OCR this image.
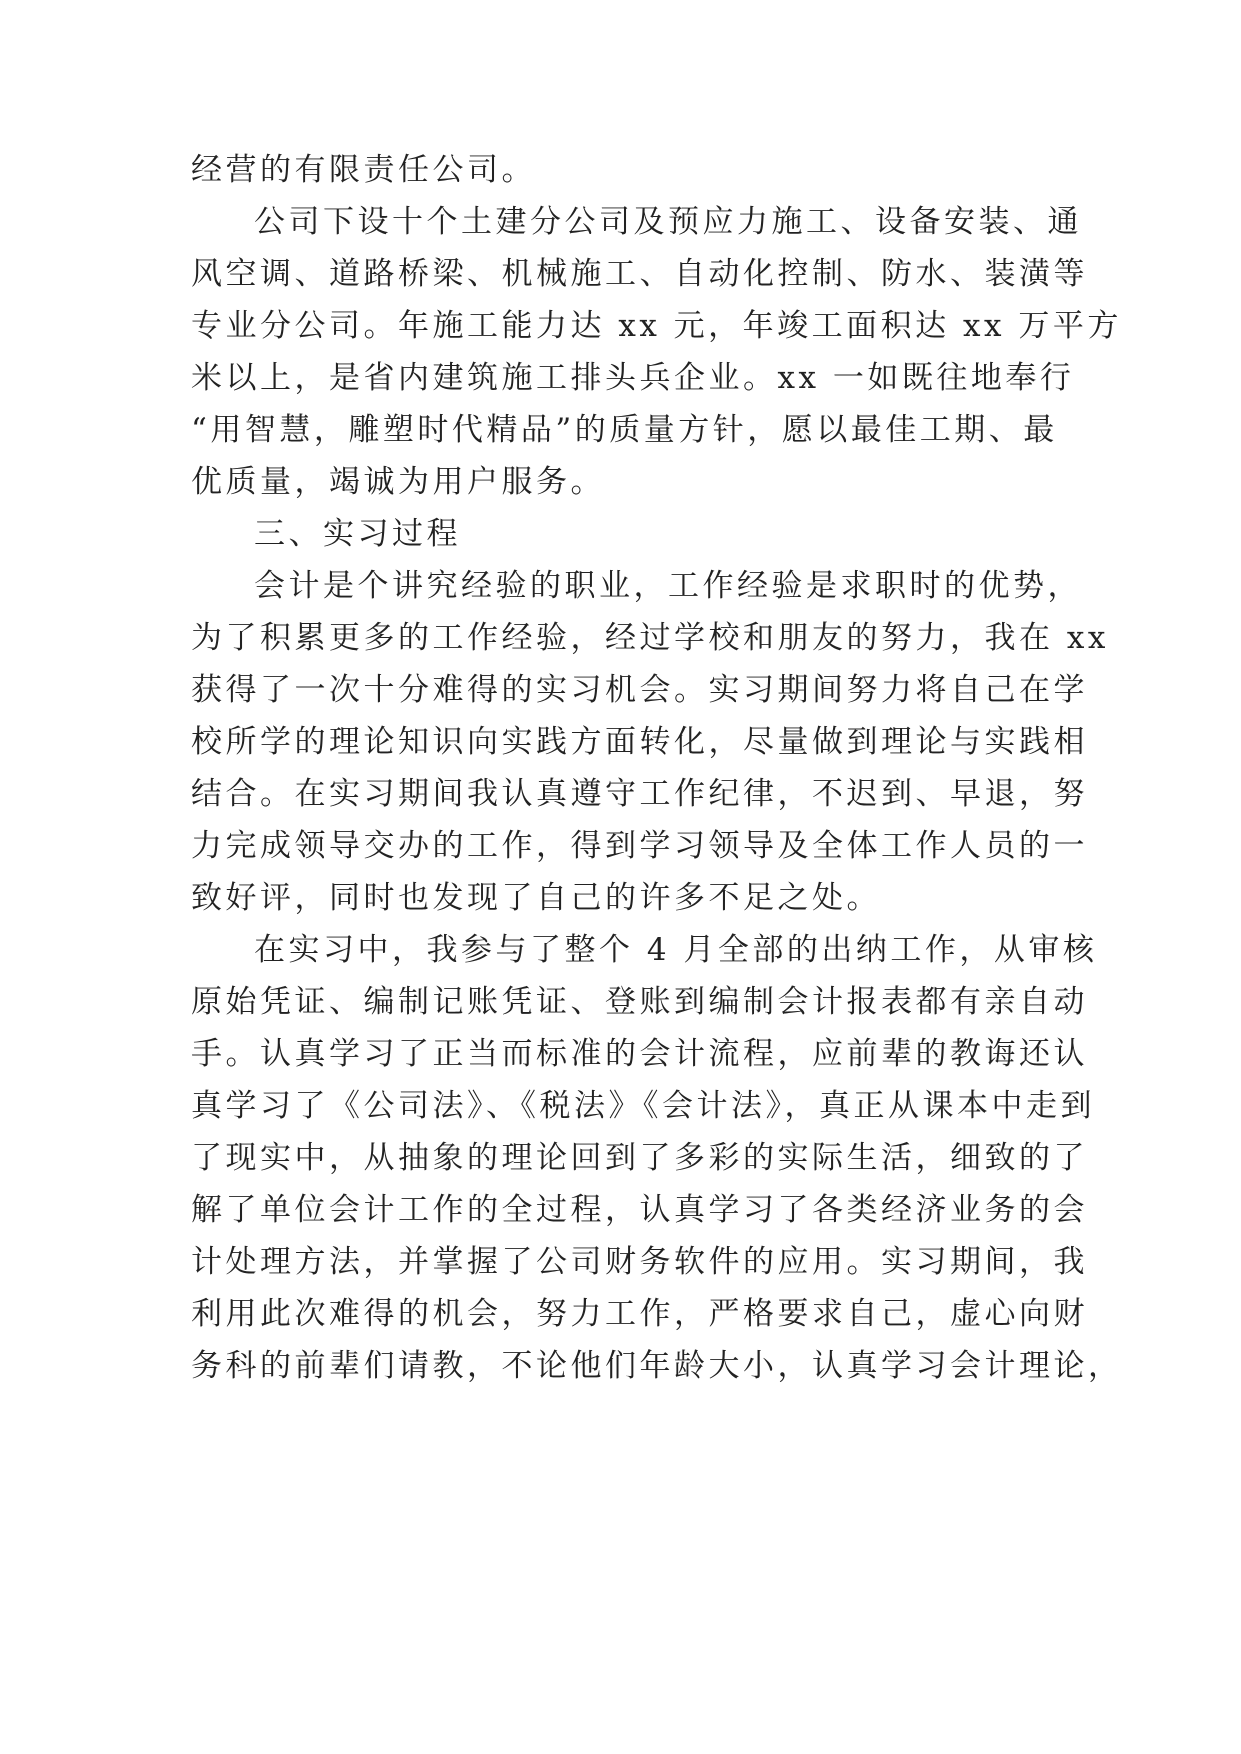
经营的有限责任公司。
公司下设十个土建分公司及预应力施工、设备安装、通
风空调、道路桥梁、机械施工、自动化控制、防水、装潢等
专业分公司。年施工能力达 xx 元，年竣工面积达 xx 万平方
米以上，是省内建筑施工排头兵企业。xx 一如既往地奉行
“用智慧，雕塑时代精品”的质量方针，愿以最佳工期、最
优质量，竭诚为用户服务。
三、实习过程
会计是个讲究经验的职业，工作经验是求职时的优势，
为了积累更多的工作经验，经过学校和朋友的努力，我在 xx
获得了一次十分难得的实习机会。实习期间努力将自己在学
校所学的理论知识向实践方面转化，尽量做到理论与实践相
结合。在实习期间我认真遵守工作纪律，不迟到、早退，努
力完成领导交办的工作，得到学习领导及全体工作人员的一
致好评，同时也发现了自己的许多不足之处。
在实习中，我参与了整个 4 月全部的出纳工作，从审核
原始凭证、编制记账凭证、登账到编制会计报表都有亲自动
手。认真学习了正当而标准的会计流程，应前辈的教诲还认
真学习了《公司法》、《税法》《会计法》，真正从课本中走到
了现实中，从抽象的理论回到了多彩的实际生活，细致的了
解了单位会计工作的全过程，认真学习了各类经济业务的会
计处理方法，并掌握了公司财务软件的应用。实习期间，我
利用此次难得的机会，努力工作，严格要求自己，虚心向财
务科的前辈们请教，不论他们年龄大小，认真学习会计理论，
